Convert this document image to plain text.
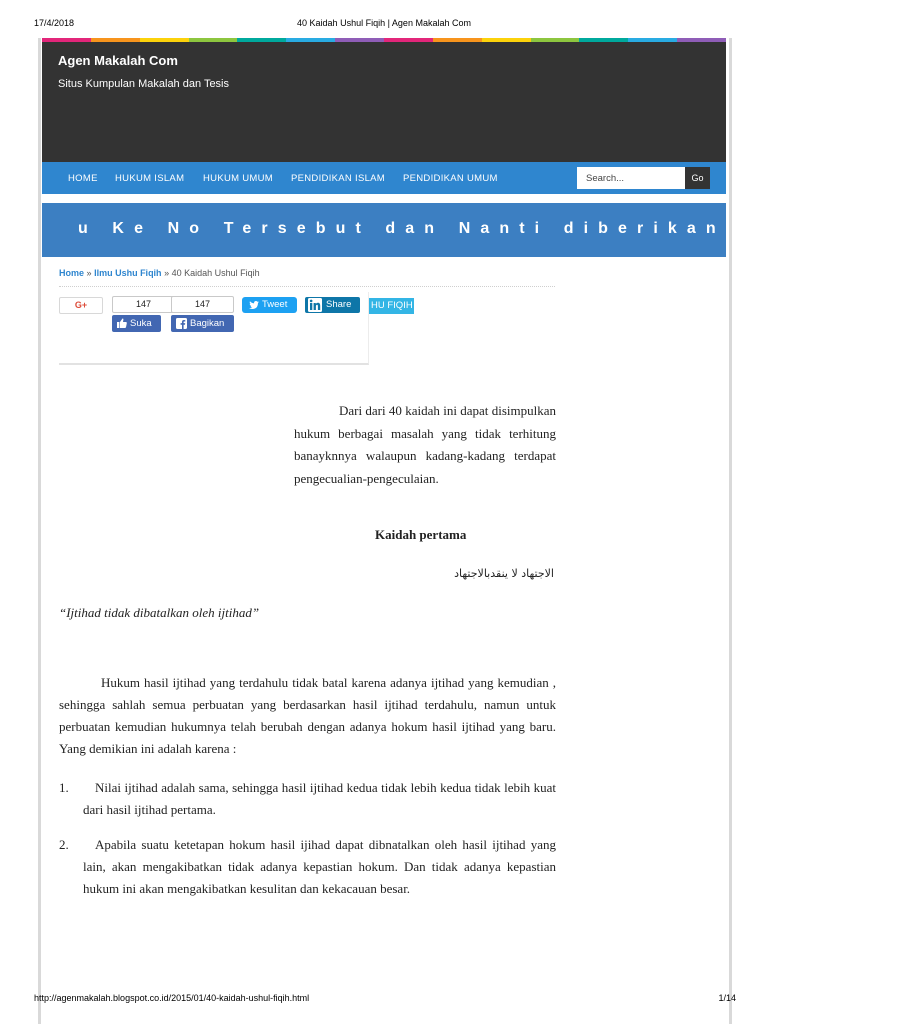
17/4/2018	40 Kaidah Ushul Fiqih | Agen Makalah Com
Agen Makalah Com
Situs Kumpulan Makalah dan Tesis
HOME HUKUM ISLAM HUKUM UMUM PENDIDIKAN ISLAM PENDIDIKAN UMUM
Search...	Go
u Ke No Tersebut dan Nanti diberikan Kodenya U
Home » Ilmu Ushu Fiqih » 40 Kaidah Ushul Fiqih
G+	147	147
Suka	Bagikan
Tweet	Share	HU FIQIH

Dari dari 40 kaidah ini dapat disimpulkan hukum berbagai masalah yang tidak terhitung banayknnya walaupun kadang-kadang terdapat pengecualian-pengeculaian.

Kaidah pertama
الاجتهاد لا ينقدبالاجتهاد
“Ijtihad tidak dibatalkan oleh ijtihad”

Hukum hasil ijtihad yang terdahulu tidak batal karena adanya ijtihad yang kemudian , sehingga sahlah semua perbuatan yang berdasarkan hasil ijtihad terdahulu, namun untuk perbuatan kemudian hukumnya telah berubah dengan adanya hokum hasil ijtihad yang baru. Yang demikian ini adalah karena :

1.	Nilai ijtihad adalah sama, sehingga hasil ijtihad kedua tidak lebih kedua tidak lebih kuat dari hasil ijtihad pertama.
2.	Apabila suatu ketetapan hokum hasil ijihad dapat dibnatalkan oleh hasil ijtihad yang lain, akan mengakibatkan tidak adanya kepastian hokum. Dan tidak adanya kepastian hukum ini akan mengakibatkan kesulitan dan kekacauan besar.
http://agenmakalah.blogspot.co.id/2015/01/40-kaidah-ushul-fiqih.html	1/14
